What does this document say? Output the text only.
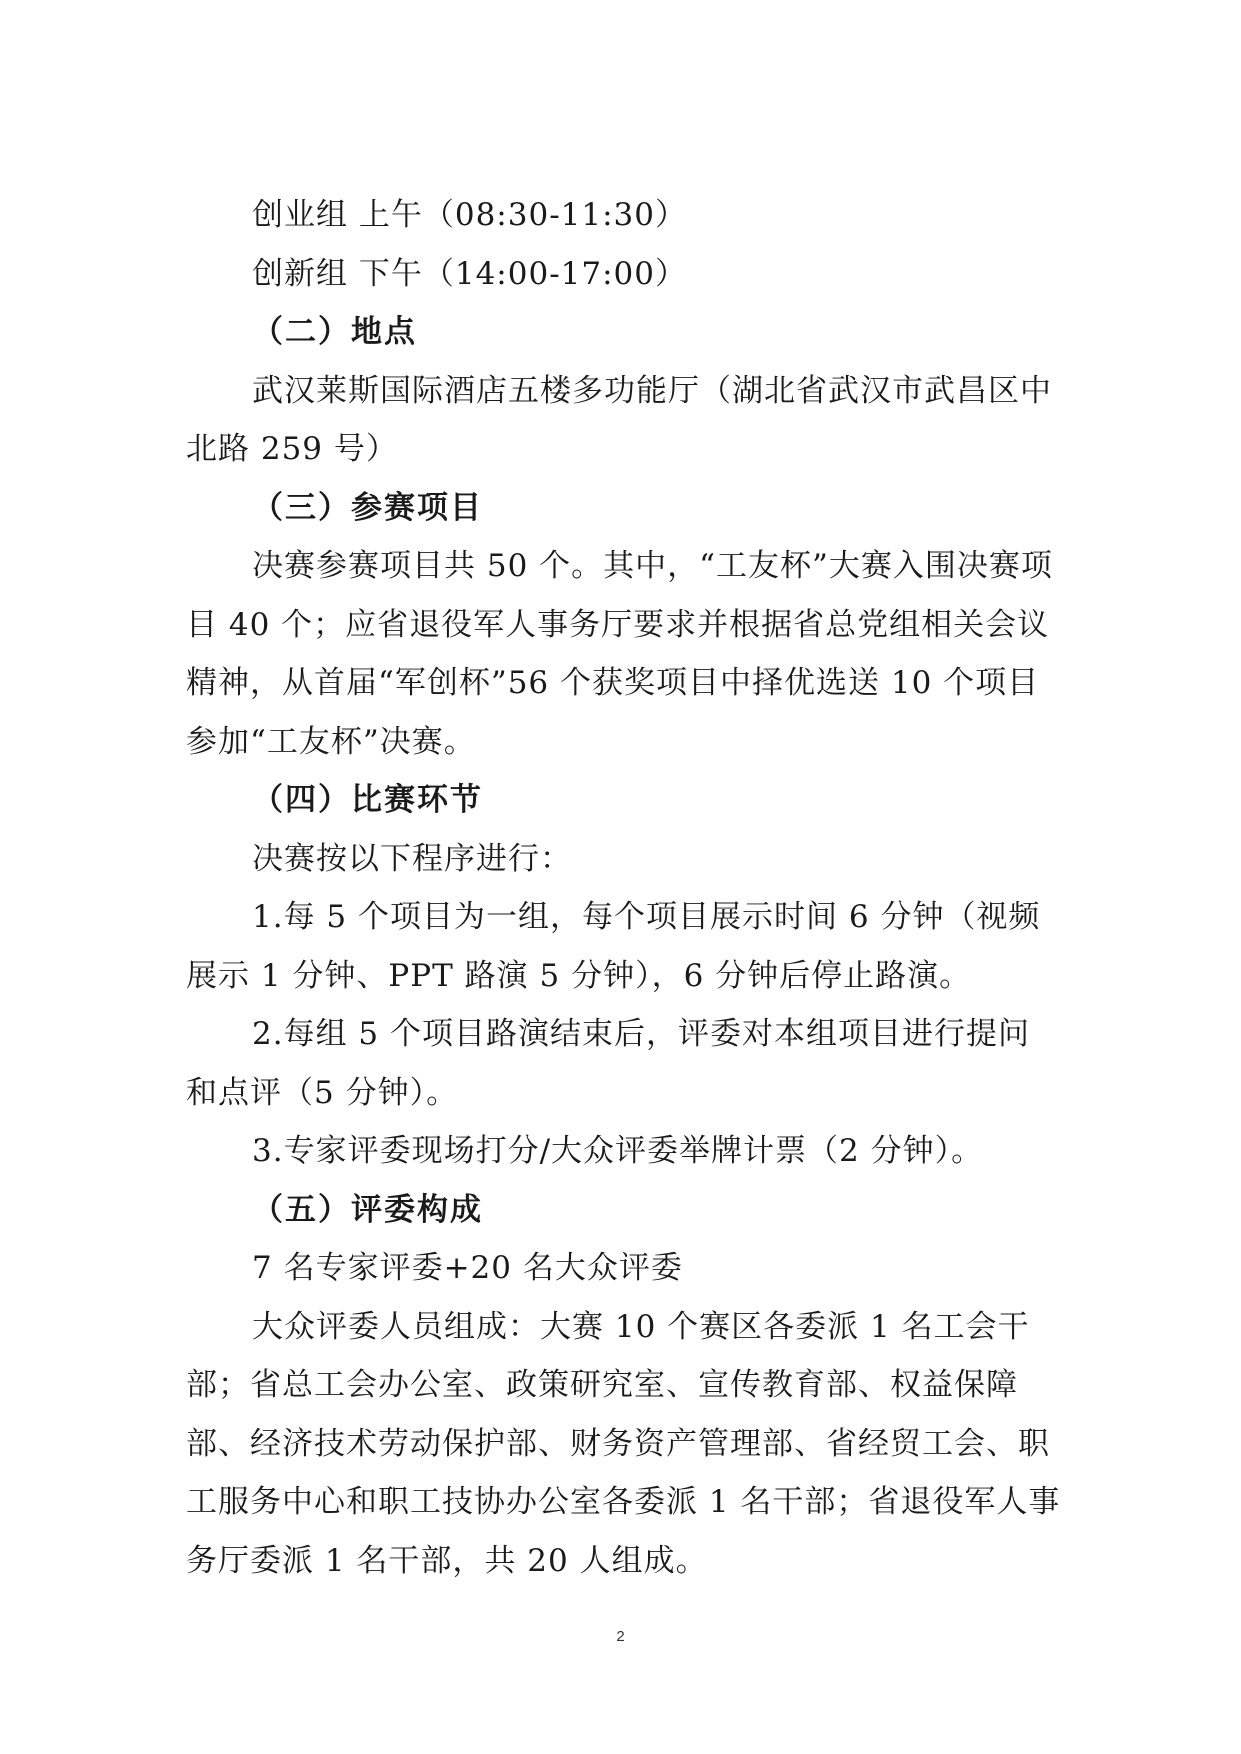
创业组 上午（08:30-11:30）

创新组 下午（14:00-17:00）

（二）地点

武汉莱斯国际酒店五楼多功能厅（湖北省武汉市武昌区中北路 259 号）

（三）参赛项目

决赛参赛项目共 50 个。其中，“工友杯”大赛入围决赛项目 40 个；应省退役军人事务厅要求并根据省总党组相关会议精神，从首届“军创杯”56 个获奖项目中择优选送 10 个项目参加“工友杯”决赛。

（四）比赛环节

决赛按以下程序进行：

1.每 5 个项目为一组，每个项目展示时间 6 分钟（视频展示 1 分钟、PPT 路演 5 分钟），6 分钟后停止路演。

2.每组 5 个项目路演结束后，评委对本组项目进行提问和点评（5 分钟）。

3.专家评委现场打分/大众评委举牌计票（2 分钟）。

（五）评委构成

7 名专家评委+20 名大众评委

大众评委人员组成：大赛 10 个赛区各委派 1 名工会干部；省总工会办公室、政策研究室、宣传教育部、权益保障部、经济技术劳动保护部、财务资产管理部、省经贸工会、职工服务中心和职工技协办公室各委派 1 名干部；省退役军人事务厅委派 1 名干部，共 20 人组成。

2
